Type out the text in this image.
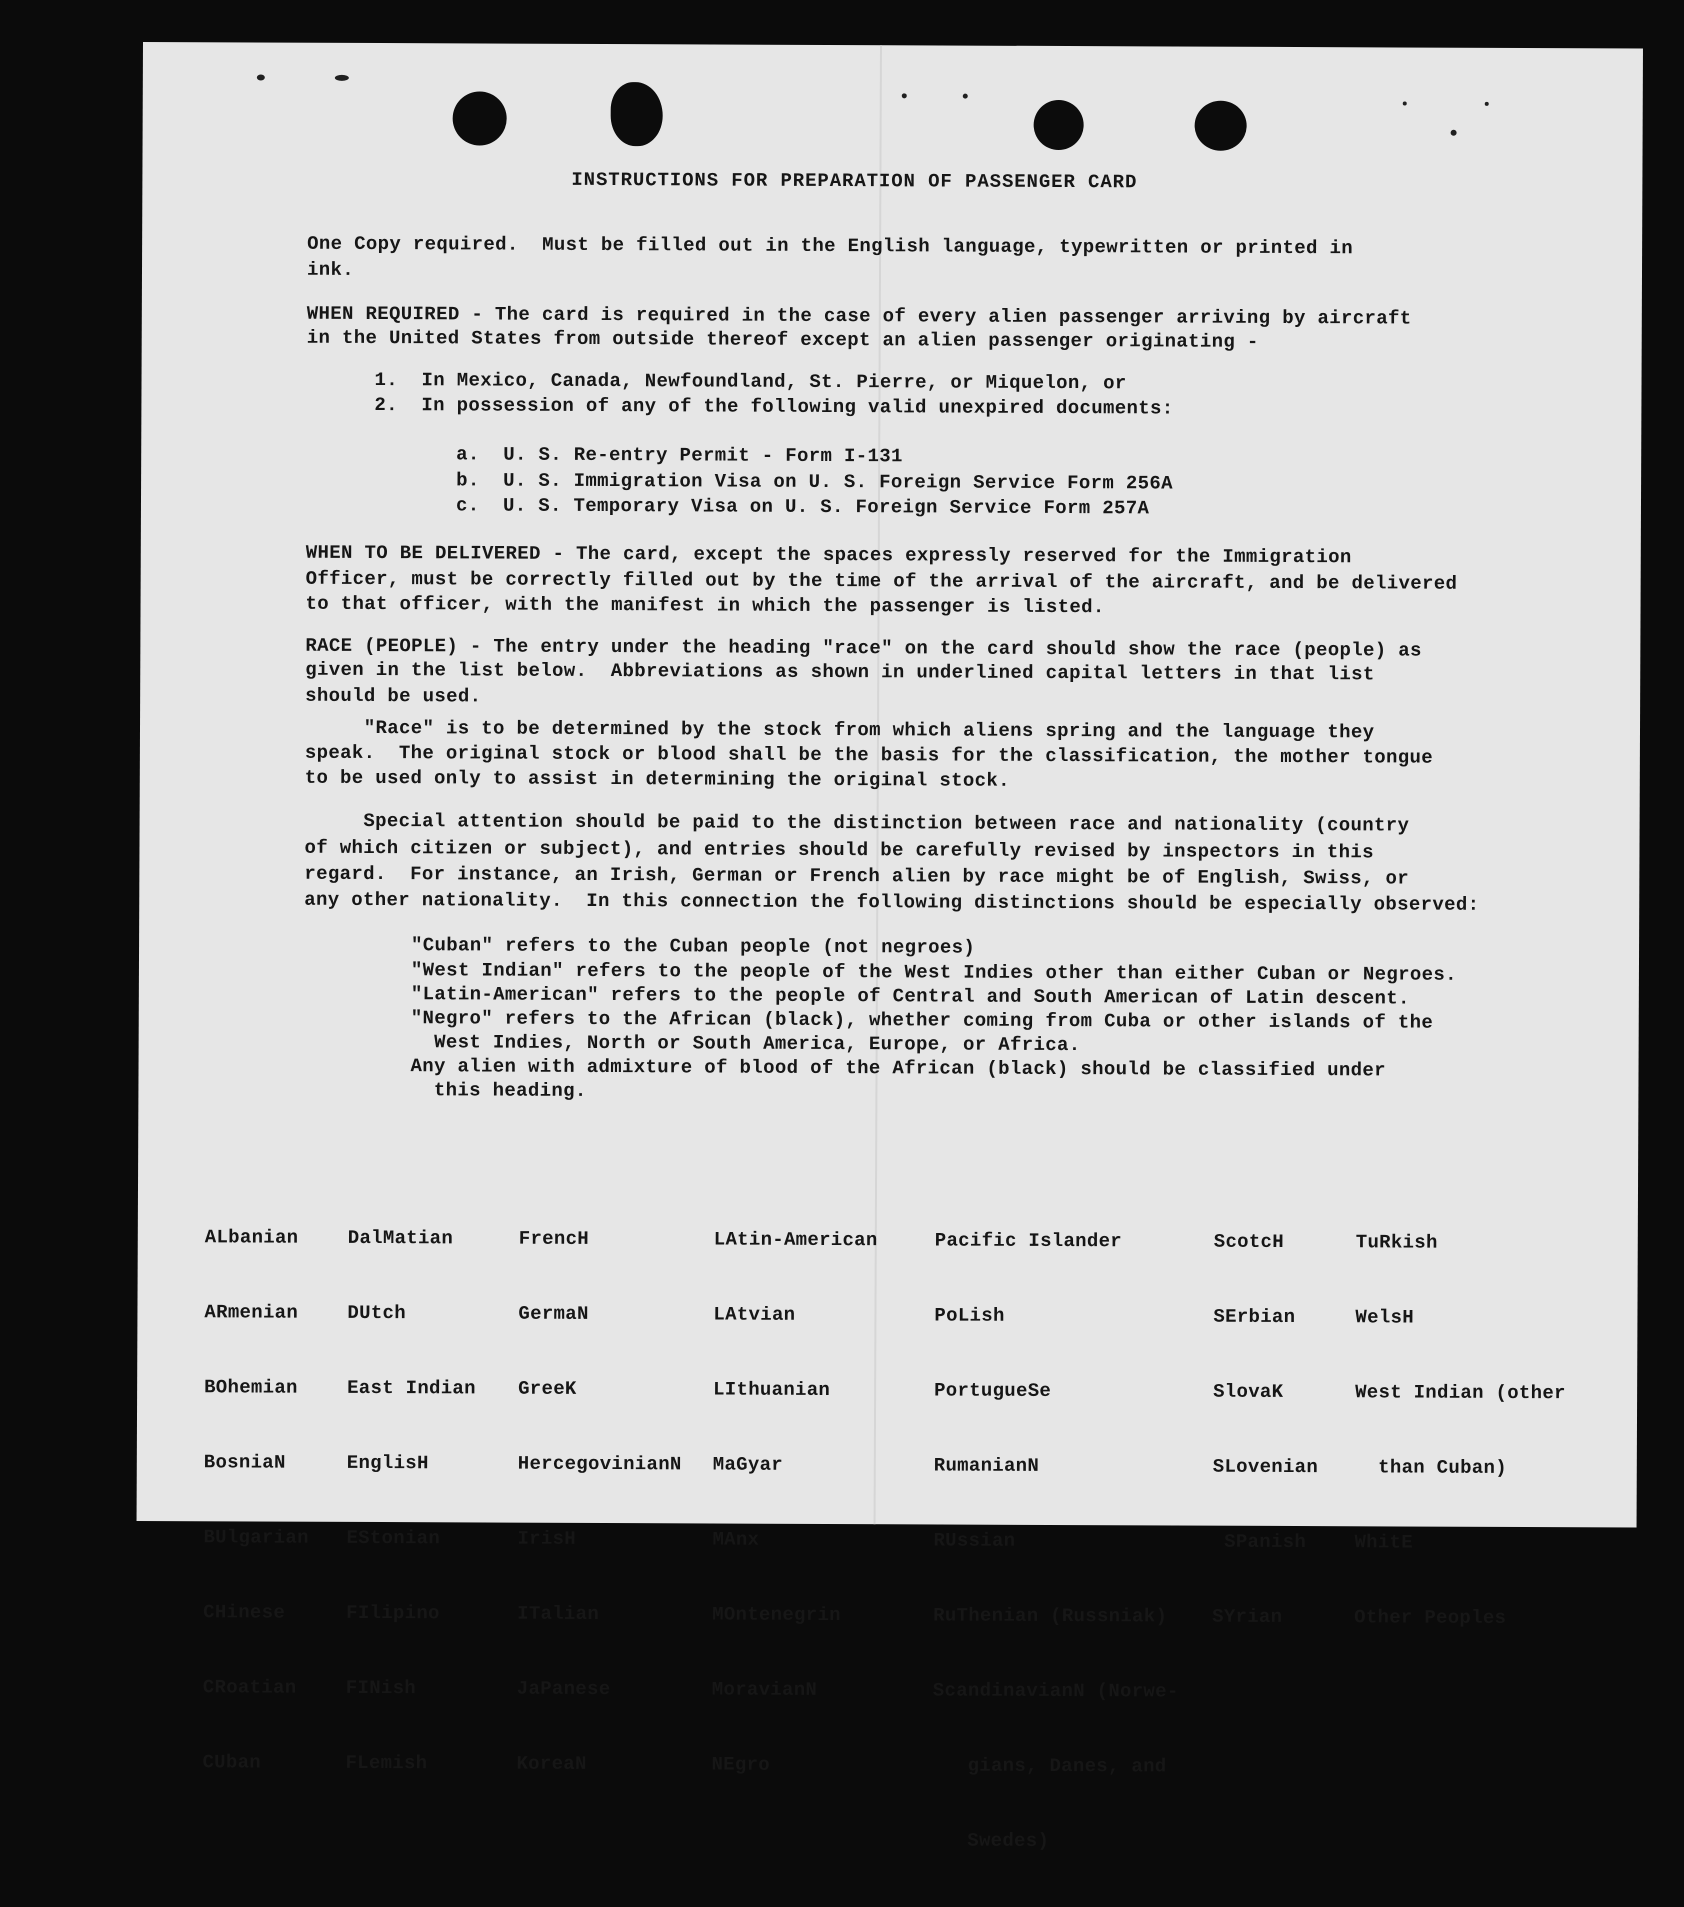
INSTRUCTIONS FOR PREPARATION OF PASSENGER CARD
One Copy required.  Must be filled out in the English language, typewritten or printed in
ink.
WHEN REQUIRED - The card is required in the case of every alien passenger arriving by aircraft
in the United States from outside thereof except an alien passenger originating -
1.  In Mexico, Canada, Newfoundland, St. Pierre, or Miquelon, or
2.  In possession of any of the following valid unexpired documents:
a.  U. S. Re-entry Permit - Form I-131
b.  U. S. Immigration Visa on U. S. Foreign Service Form 256A
c.  U. S. Temporary Visa on U. S. Foreign Service Form 257A
WHEN TO BE DELIVERED - The card, except the spaces expressly reserved for the Immigration
Officer, must be correctly filled out by the time of the arrival of the aircraft, and be delivered
to that officer, with the manifest in which the passenger is listed.
RACE (PEOPLE) - The entry under the heading "race" on the card should show the race (people) as
given in the list below.  Abbreviations as shown in underlined capital letters in that list
should be used.
"Race" is to be determined by the stock from which aliens spring and the language they
speak.  The original stock or blood shall be the basis for the classification, the mother tongue
to be used only to assist in determining the original stock.
Special attention should be paid to the distinction between race and nationality (country
of which citizen or subject), and entries should be carefully revised by inspectors in this
regard.  For instance, an Irish, German or French alien by race might be of English, Swiss, or
any other nationality.  In this connection the following distinctions should be especially observed:
"Cuban" refers to the Cuban people (not negroes)
"West Indian" refers to the people of the West Indies other than either Cuban or Negroes.
"Latin-American" refers to the people of Central and South American of Latin descent.
"Negro" refers to the African (black), whether coming from Cuba or other islands of the
West Indies, North or South America, Europe, or Africa.
Any alien with admixture of blood of the African (black) should be classified under
this heading.

ALbanian

ARmenian

BOhemian

BosniaN

BUlgarian

CHinese

CRoatian

CUban

DalMatian

DUtch

East Indian

EnglisH

EStonian

FIlipino

FINish

FLemish

FrencH

GermaN

GreeK

HercegovinianN

IrisH

ITalian

JaPanese

KoreaN

LAtin-American

LAtvian

LIthuanian

MaGyar

MAnx

MOntenegrin

MoravianN

NEgro

Pacific Islander

PoLish

PortugueSe

RumanianN

RUssian

RuThenian (Russniak)

ScandinavianN (Norwe-

gians, Danes, and

Swedes)

ScotcH

SErbian

SlovaK

SLovenian

SPanish

SYrian

TuRkish

WelsH

West Indian (other

than Cuban)

WhitE

Other Peoples
